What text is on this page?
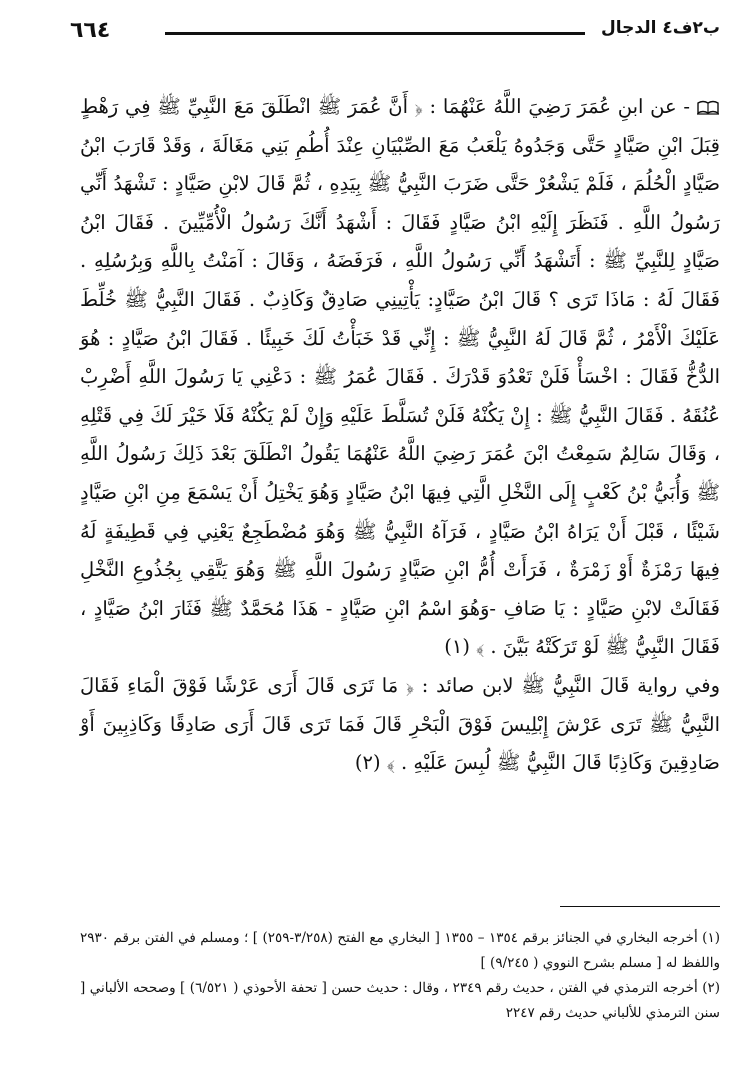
ب٢ف٤ الدجال
٦٦٤

- عن ابنِ عُمَرَ رَضِيَ اللَّهُ عَنْهُمَا : ﴿ أَنَّ عُمَرَ ﷺ انْطَلَقَ مَعَ النَّبِيِّ ﷺ فِي رَهْطٍ قِبَلَ ابْنِ صَيَّادٍ حَتَّى وَجَدُوهُ يَلْعَبُ مَعَ الصِّبْيَانِ عِنْدَ أُطُمِ بَنِي مَغَالَةَ ، وَقَدْ قَارَبَ ابْنُ صَيَّادٍ الْحُلُمَ ، فَلَمْ يَشْعُرْ حَتَّى ضَرَبَ النَّبِيُّ ﷺ بِيَدِهِ ، ثُمَّ قَالَ لابْنِ صَيَّادٍ : تَشْهَدُ أَنِّي رَسُولُ اللَّهِ . فَنَظَرَ إِلَيْهِ ابْنُ صَيَّادٍ فَقَالَ : أَشْهَدُ أَنَّكَ رَسُولُ الْأُمِّيِّينَ . فَقَالَ ابْنُ صَيَّادٍ لِلنَّبِيِّ ﷺ : أَتَشْهَدُ أَنِّي رَسُولُ اللَّهِ ، فَرَفَضَهُ ، وَقَالَ : آمَنْتُ بِاللَّهِ وَبِرُسُلِهِ . فَقَالَ لَهُ : مَاذَا تَرَى ؟ قَالَ ابْنُ صَيَّادٍ: يَأْتِينِي صَادِقٌ وَكَاذِبٌ . فَقَالَ النَّبِيُّ ﷺ خُلِّطَ عَلَيْكَ الْأَمْرُ ، ثُمَّ قَالَ لَهُ النَّبِيُّ ﷺ : إِنِّي قَدْ خَبَأْتُ لَكَ خَبِيئًا . فَقَالَ ابْنُ صَيَّادٍ : هُوَ الدُّخُّ فَقَالَ : اخْسَأْ فَلَنْ تَعْدُوَ قَدْرَكَ . فَقَالَ عُمَرُ ﷺ : دَعْنِي يَا رَسُولَ اللَّهِ أَضْرِبْ عُنُقَهُ . فَقَالَ النَّبِيُّ ﷺ : إِنْ يَكُنْهُ فَلَنْ تُسَلَّطَ عَلَيْهِ وَإِنْ لَمْ يَكُنْهُ فَلَا خَيْرَ لَكَ فِي قَتْلِهِ ، وَقَالَ سَالِمٌ سَمِعْتُ ابْنَ عُمَرَ رَضِيَ اللَّهُ عَنْهُمَا يَقُولُ انْطَلَقَ بَعْدَ ذَلِكَ رَسُولُ اللَّهِ ﷺ وَأُبَيُّ بْنُ كَعْبٍ إِلَى النَّخْلِ الَّتِي فِيهَا ابْنُ صَيَّادٍ وَهُوَ يَخْتِلُ أَنْ يَسْمَعَ مِنِ ابْنِ صَيَّادٍ شَيْئًا ، قَبْلَ أَنْ يَرَاهُ ابْنُ صَيَّادٍ ، فَرَآهُ النَّبِيُّ ﷺ وَهُوَ مُضْطَجِعٌ يَعْنِي فِي قَطِيفَةٍ لَهُ فِيهَا رَمْزَةٌ أَوْ زَمْرَةٌ ، فَرَأَتْ أُمُّ ابْنِ صَيَّادٍ رَسُولَ اللَّهِ ﷺ وَهُوَ يَتَّقِي بِجُذُوعِ النَّخْلِ فَقَالَتْ لابْنِ صَيَّادٍ : يَا صَافِ -وَهُوَ اسْمُ ابْنِ صَيَّادٍ - هَذَا مُحَمَّدٌ ﷺ فَثَارَ ابْنُ صَيَّادٍ ، فَقَالَ النَّبِيُّ ﷺ لَوْ تَرَكَتْهُ بَيَّنَ . ﴾ (١)

وفي رواية قَالَ النَّبِيُّ ﷺ لابن صائد : ﴿ مَا تَرَى قَالَ أَرَى عَرْشًا فَوْقَ الْمَاءِ فَقَالَ النَّبِيُّ ﷺ تَرَى عَرْشَ إِبْلِيسَ فَوْقَ الْبَحْرِ قَالَ فَمَا تَرَى قَالَ أَرَى صَادِقًا وَكَاذِبِينَ أَوْ صَادِقِينَ وَكَاذِبًا قَالَ النَّبِيُّ ﷺ لُبِسَ عَلَيْهِ . ﴾ (٢)

(١) أخرجه البخاري في الجنائز برقم ١٣٥٤ – ١٣٥٥ [ البخاري مع الفتح (٣/٢٥٨-٢٥٩) ] ؛ ومسلم في الفتن برقم ٢٩٣٠ واللفظ له [ مسلم بشرح النووي ( ٩/٢٤٥) ]

(٢) أخرجه الترمذي في الفتن ، حديث رقم ٢٣٤٩ ، وقال : حديث حسن [ تحفة الأحوذي ( ٦/٥٢١) ] وصححه الألباني [ سنن الترمذي للألباني حديث رقم ٢٢٤٧
